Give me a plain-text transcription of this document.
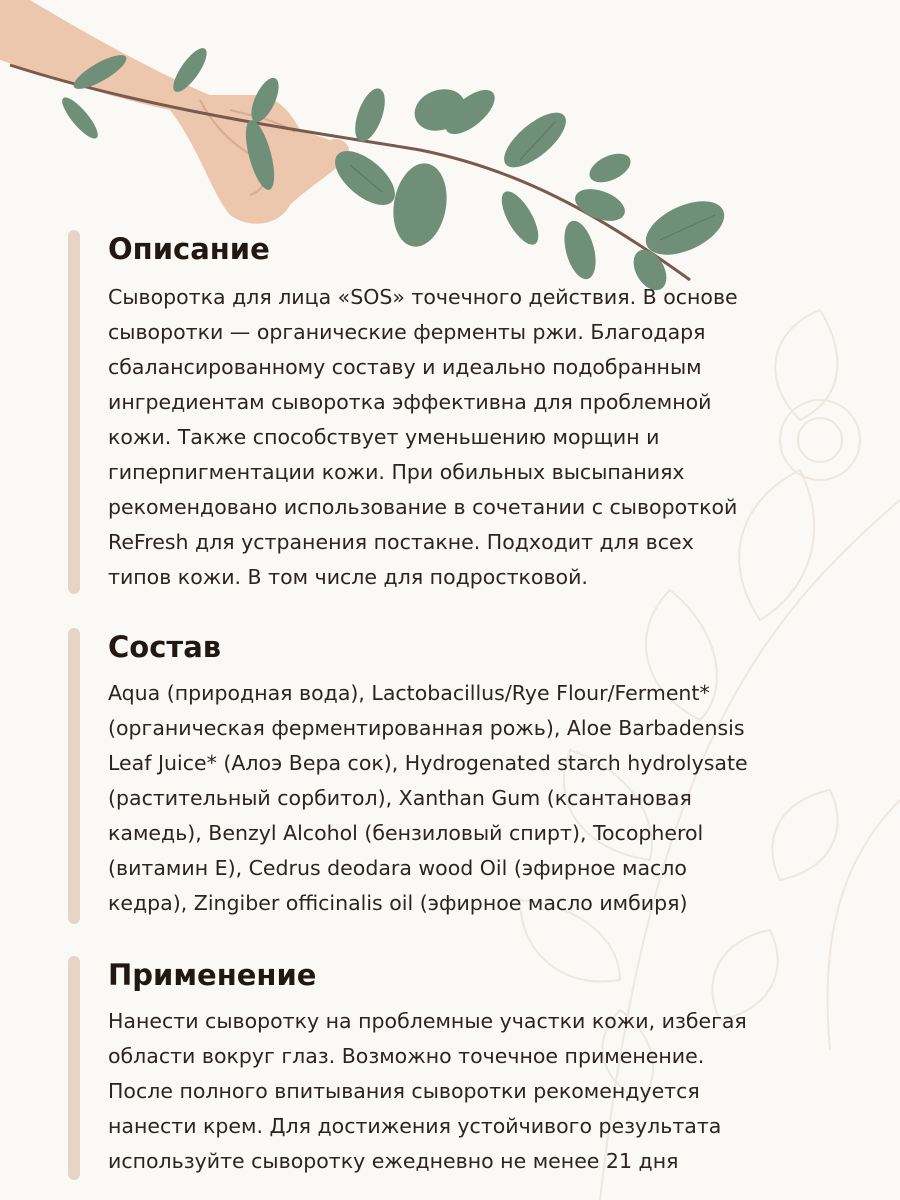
Описание

Сыворотка для лица «SOS» точечного действия. В основе
сыворотки — органические ферменты ржи. Благодаря
сбалансированному составу и идеально подобранным
ингредиентам сыворотка эффективна для проблемной
кожи. Также способствует уменьшению морщин и
гиперпигментации кожи. При обильных высыпаниях
рекомендовано использование в сочетании с сывороткой
ReFresh для устранения постакне. Подходит для всех
типов кожи. В том числе для подростковой.

Состав

Aqua (природная вода), Lactobacillus/Rye Flour/Ferment*
(органическая ферментированная рожь), Aloe Barbadensis
Leaf Juice* (Алоэ Вера сок), Hydrogenated starch hydrolysate
(растительный сорбитол), Xanthan Gum (ксантановая
камедь), Benzyl Alcohol (бензиловый спирт), Tocopherol
(витамин Е), Cedrus deodara wood Oil (эфирное масло
кедра), Zingiber officinalis oil (эфирное масло имбиря)

Применение

Нанести сыворотку на проблемные участки кожи, избегая
области вокруг глаз. Возможно точечное применение.
После полного впитывания сыворотки рекомендуется
нанести крем. Для достижения устойчивого результата
используйте сыворотку ежедневно не менее 21 дня
